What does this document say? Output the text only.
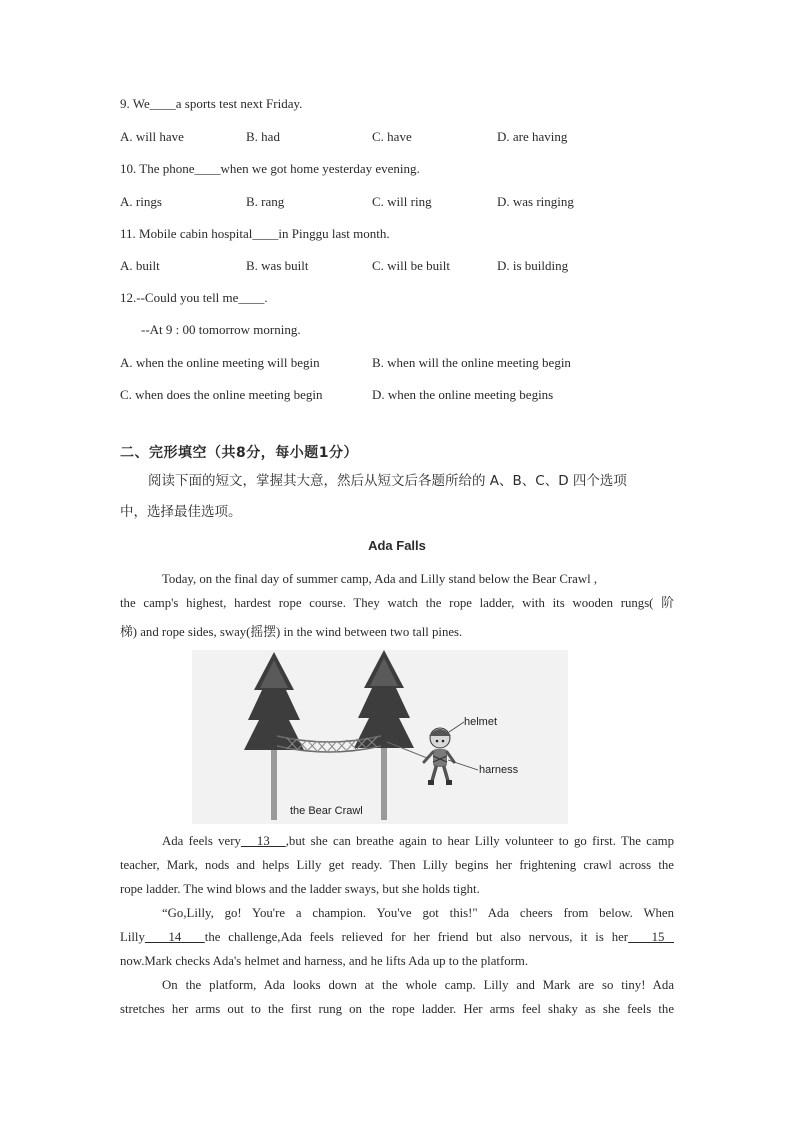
9. We____a sports test next Friday.
A. will have	B. had	C. have	D. are having
10. The phone____when we got home yesterday evening.
A. rings	B. rang	C. will ring	D. was ringing
11. Mobile cabin hospital____in Pinggu last month.
A. built	B. was built	C. will be built	D. is building
12.--Could you tell me____.
--At 9 : 00 tomorrow morning.
A. when the online meeting will begin	B. when will the online meeting begin
C. when does the online meeting begin	D. when the online meeting begins
二、完形填空（共8分，每小题1分）
阅读下面的短文，掌握其大意，然后从短文后各题所给的 A、B、C、D 四个选项
中，选择最佳选项。
Ada Falls
Today, on the final day of summer camp, Ada and Lilly stand below the Bear Crawl ,
the camp's highest, hardest rope course. They watch the rope ladder, with its wooden rungs( 阶
梯) and rope sides, sway(摇摆) in the wind between two tall pines.
helmet
harness
the Bear Crawl
Ada feels very   13   ,but she can breathe again to hear Lilly volunteer to go first. The camp
teacher, Mark, nods and helps Lilly get ready. Then Lilly begins her frightening crawl across the
rope ladder. The wind blows and the ladder sways, but she holds tight.
“Go,Lilly, go! You're a champion. You've got this!" Ada cheers from below. When
Lilly   14   the challenge,Ada feels relieved for her friend but also nervous, it is her   15
now.Mark checks Ada's helmet and harness, and he lifts Ada up to the platform.
On the platform, Ada looks down at the whole camp. Lilly and Mark are so tiny! Ada
stretches her arms out to the first rung on the rope ladder. Her arms feel shaky as she feels the
